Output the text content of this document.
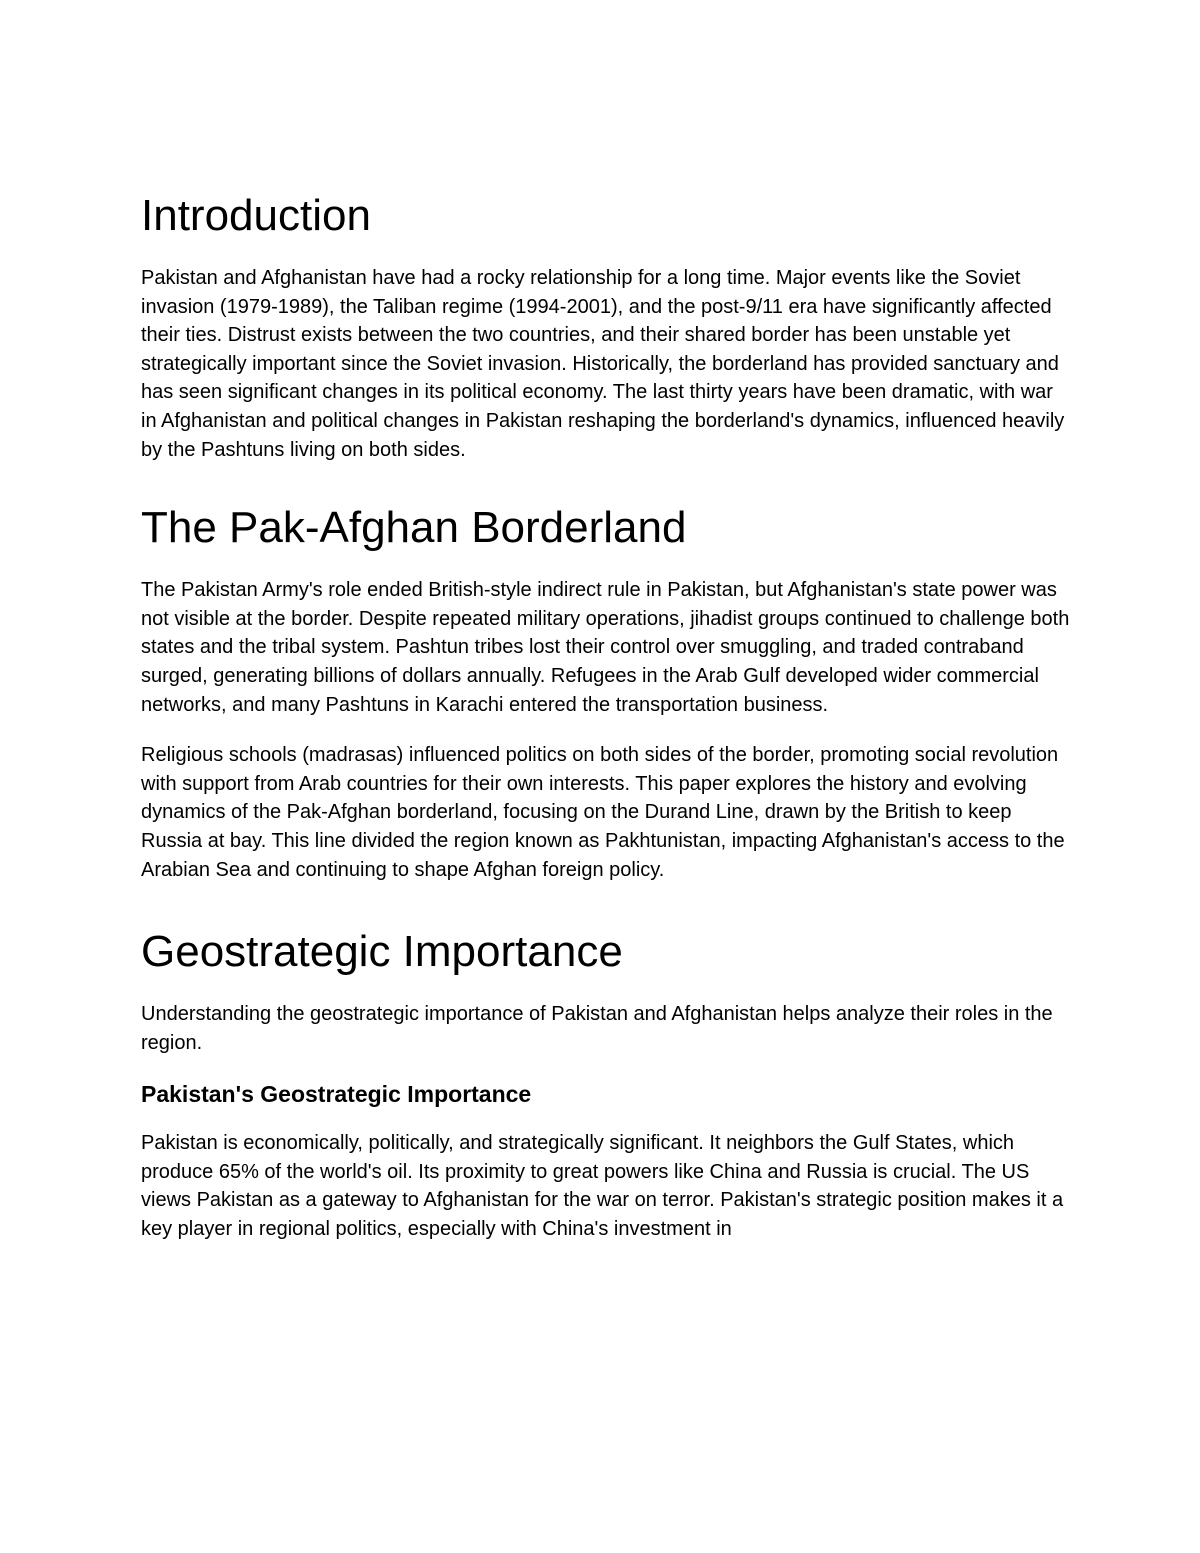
Introduction

Pakistan and Afghanistan have had a rocky relationship for a long time. Major events like the Soviet invasion (1979-1989), the Taliban regime (1994-2001), and the post-9/11 era have significantly affected their ties. Distrust exists between the two countries, and their shared border has been unstable yet strategically important since the Soviet invasion. Historically, the borderland has provided sanctuary and has seen significant changes in its political economy. The last thirty years have been dramatic, with war in Afghanistan and political changes in Pakistan reshaping the borderland's dynamics, influenced heavily by the Pashtuns living on both sides.

The Pak-Afghan Borderland

The Pakistan Army's role ended British-style indirect rule in Pakistan, but Afghanistan's state power was not visible at the border. Despite repeated military operations, jihadist groups continued to challenge both states and the tribal system. Pashtun tribes lost their control over smuggling, and traded contraband surged, generating billions of dollars annually. Refugees in the Arab Gulf developed wider commercial networks, and many Pashtuns in Karachi entered the transportation business.

Religious schools (madrasas) influenced politics on both sides of the border, promoting social revolution with support from Arab countries for their own interests. This paper explores the history and evolving dynamics of the Pak-Afghan borderland, focusing on the Durand Line, drawn by the British to keep Russia at bay. This line divided the region known as Pakhtunistan, impacting Afghanistan's access to the Arabian Sea and continuing to shape Afghan foreign policy.

Geostrategic Importance

Understanding the geostrategic importance of Pakistan and Afghanistan helps analyze their roles in the region.

Pakistan's Geostrategic Importance

Pakistan is economically, politically, and strategically significant. It neighbors the Gulf States, which produce 65% of the world's oil. Its proximity to great powers like China and Russia is crucial. The US views Pakistan as a gateway to Afghanistan for the war on terror. Pakistan's strategic position makes it a key player in regional politics, especially with China's investment in
